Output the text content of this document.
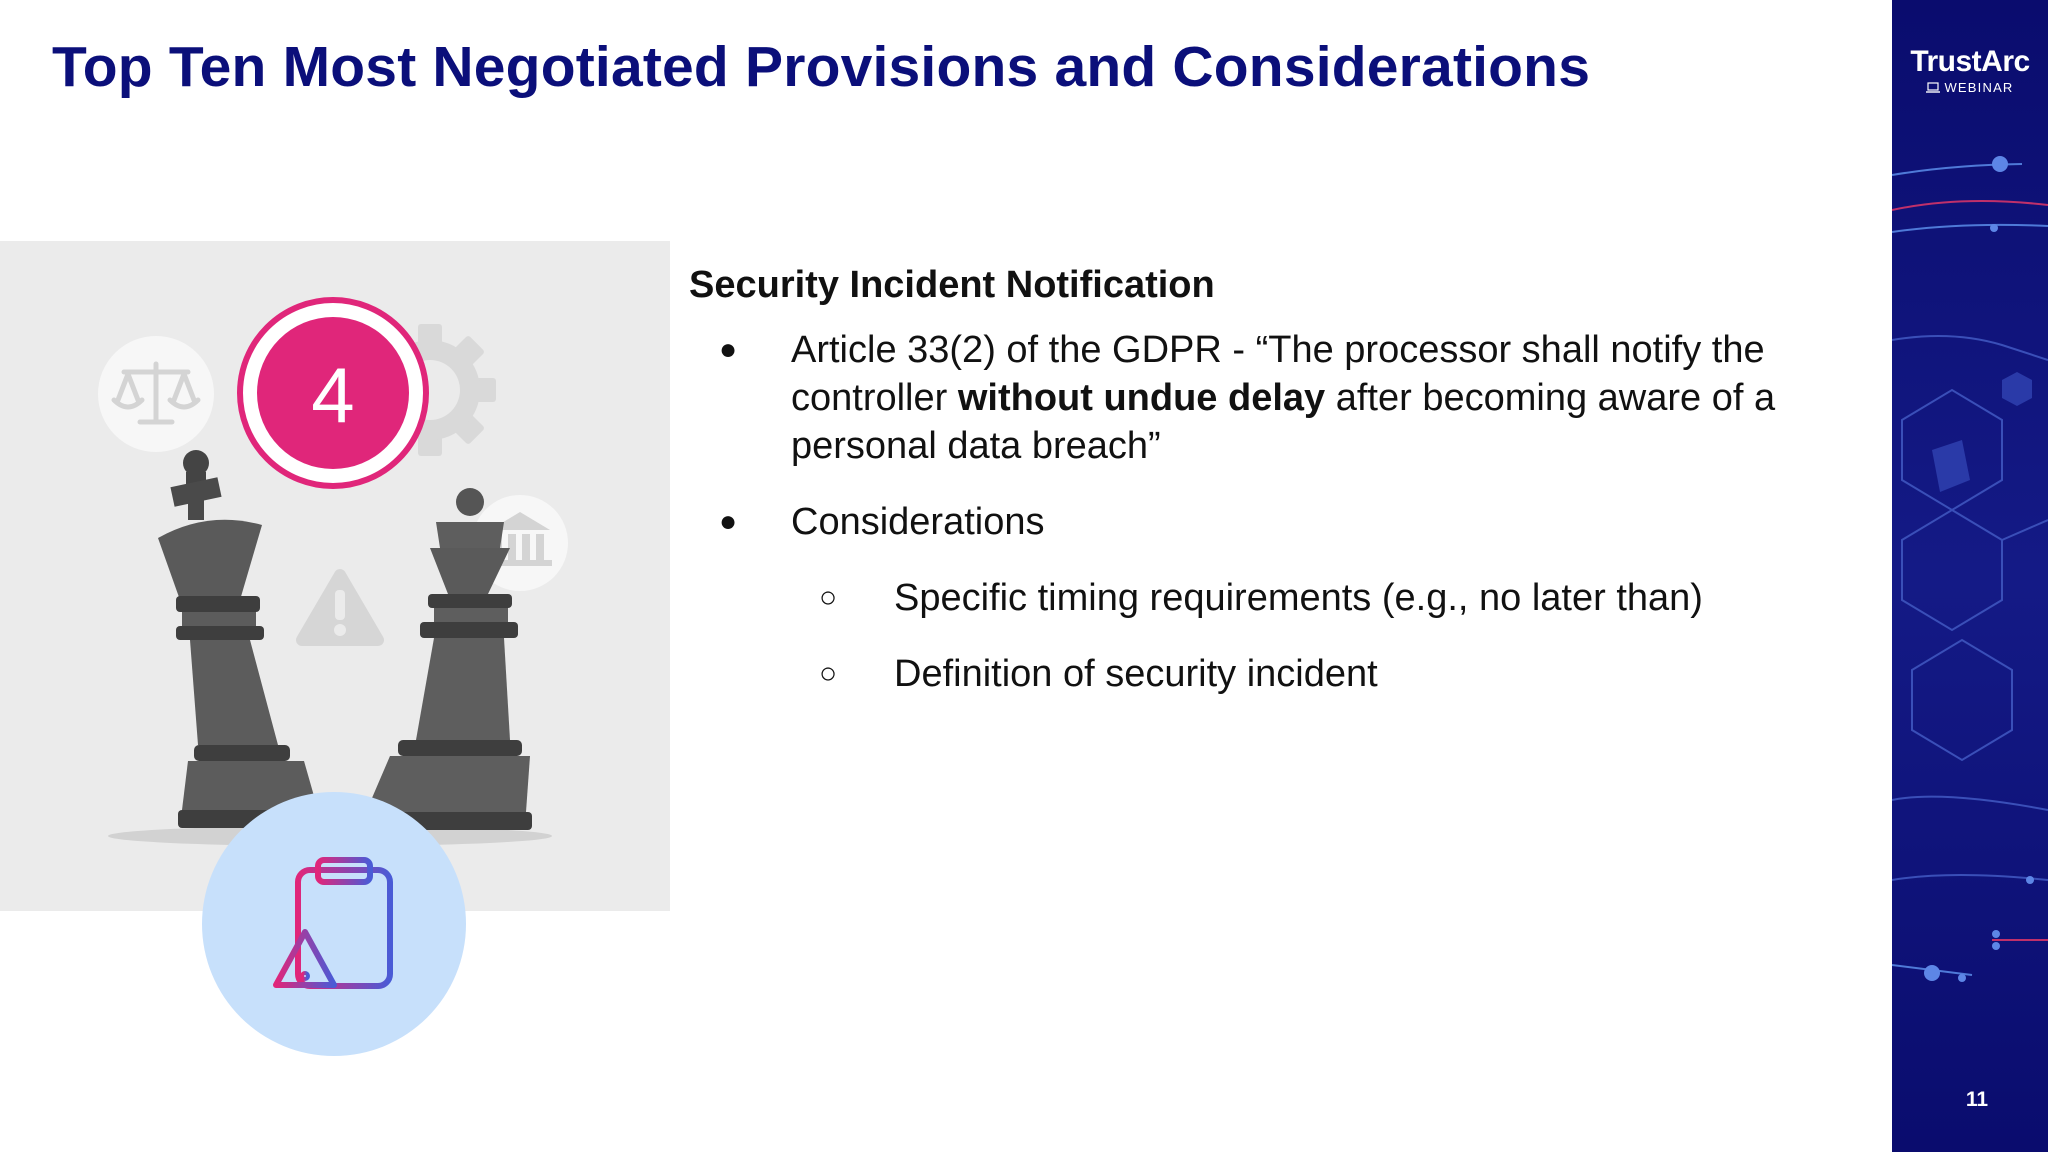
Top Ten Most Negotiated Provisions and Considerations
4

Security Incident Notification

● Article 33(2) of the GDPR - “The processor shall notify the controller without undue delay after becoming aware of a personal data breach”
● Considerations
○ Specific timing requirements (e.g., no later than)
○ Definition of security incident
TrustArc
WEBINAR
11
